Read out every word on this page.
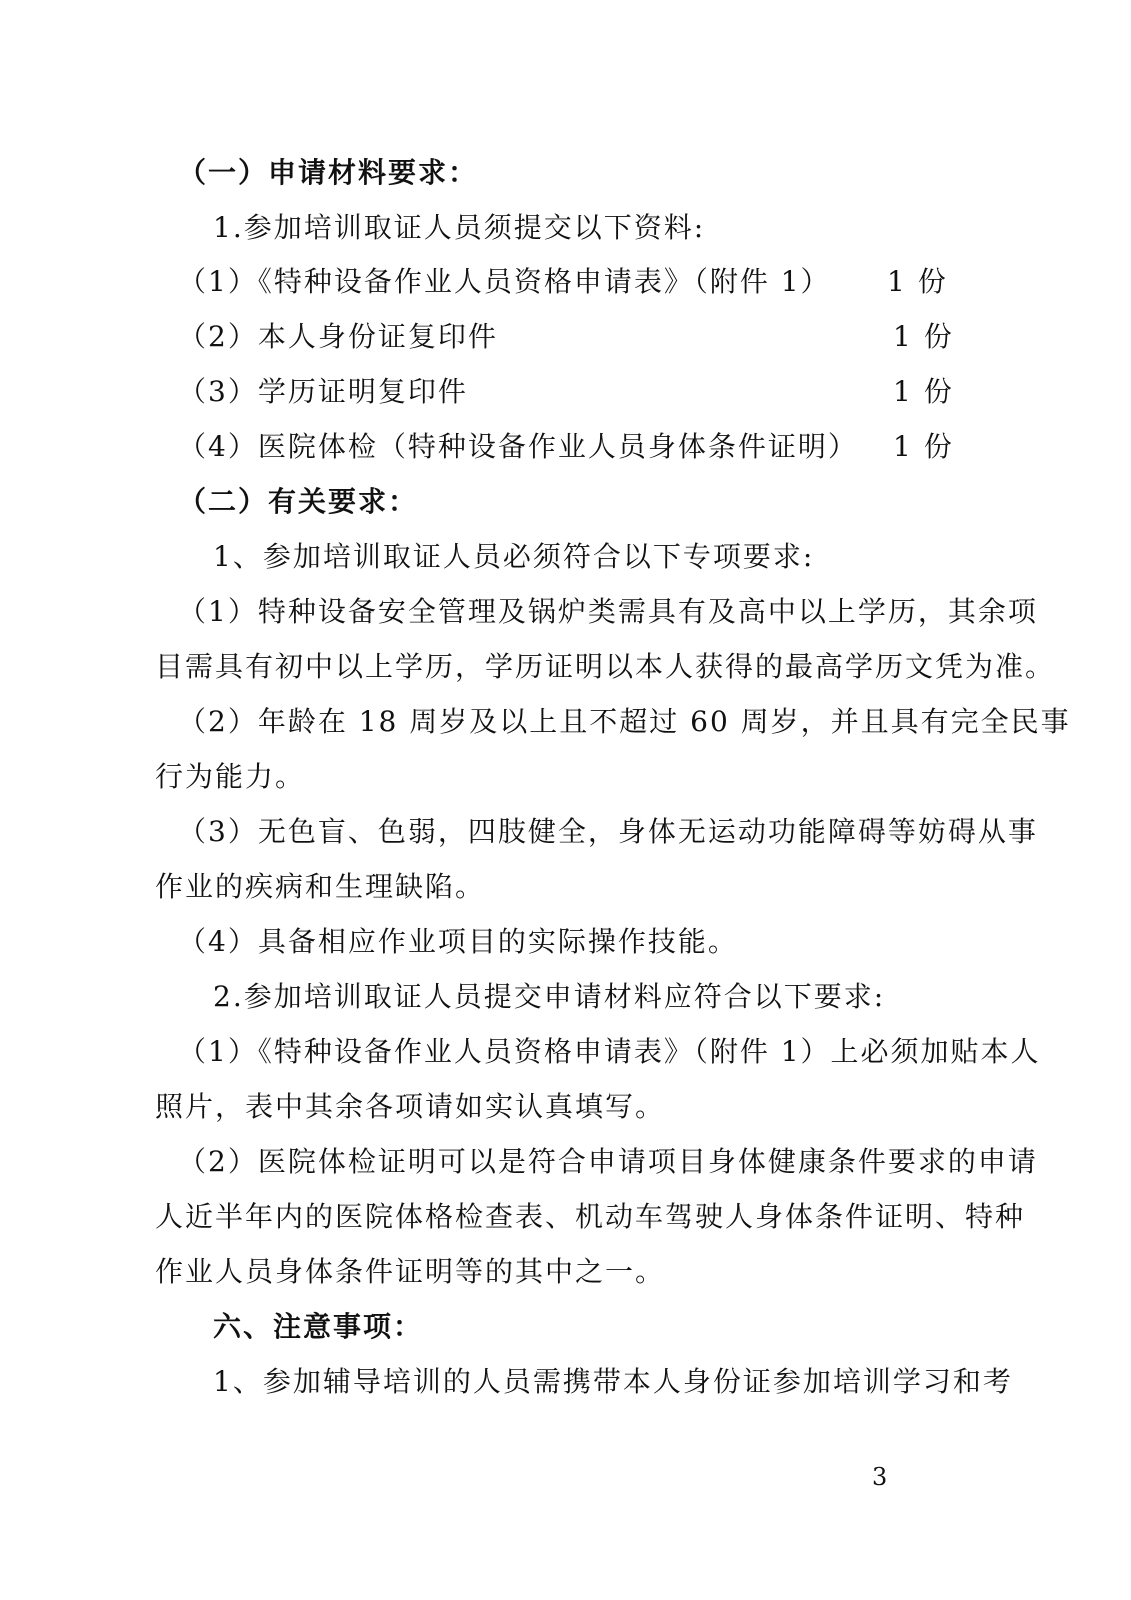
（一）申请材料要求：
1.参加培训取证人员须提交以下资料:
（1）《特种设备作业人员资格申请表》（附件 1） 1 份
（2）本人身份证复印件	1 份
（3）学历证明复印件	1 份
（4）医院体检（特种设备作业人员身体条件证明） 1 份
（二）有关要求：
1、参加培训取证人员必须符合以下专项要求:
（1）特种设备安全管理及锅炉类需具有及高中以上学历，其余项
目需具有初中以上学历，学历证明以本人获得的最高学历文凭为准。
（2）年龄在 18 周岁及以上且不超过 60 周岁，并且具有完全民事
行为能力。
（3）无色盲、色弱，四肢健全，身体无运动功能障碍等妨碍从事
作业的疾病和生理缺陷。
（4）具备相应作业项目的实际操作技能。
2.参加培训取证人员提交申请材料应符合以下要求:
（1）《特种设备作业人员资格申请表》（附件 1）上必须加贴本人
照片，表中其余各项请如实认真填写。
（2）医院体检证明可以是符合申请项目身体健康条件要求的申请
人近半年内的医院体格检查表、机动车驾驶人身体条件证明、特种
作业人员身体条件证明等的其中之一。
六、注意事项：
1、参加辅导培训的人员需携带本人身份证参加培训学习和考
3
